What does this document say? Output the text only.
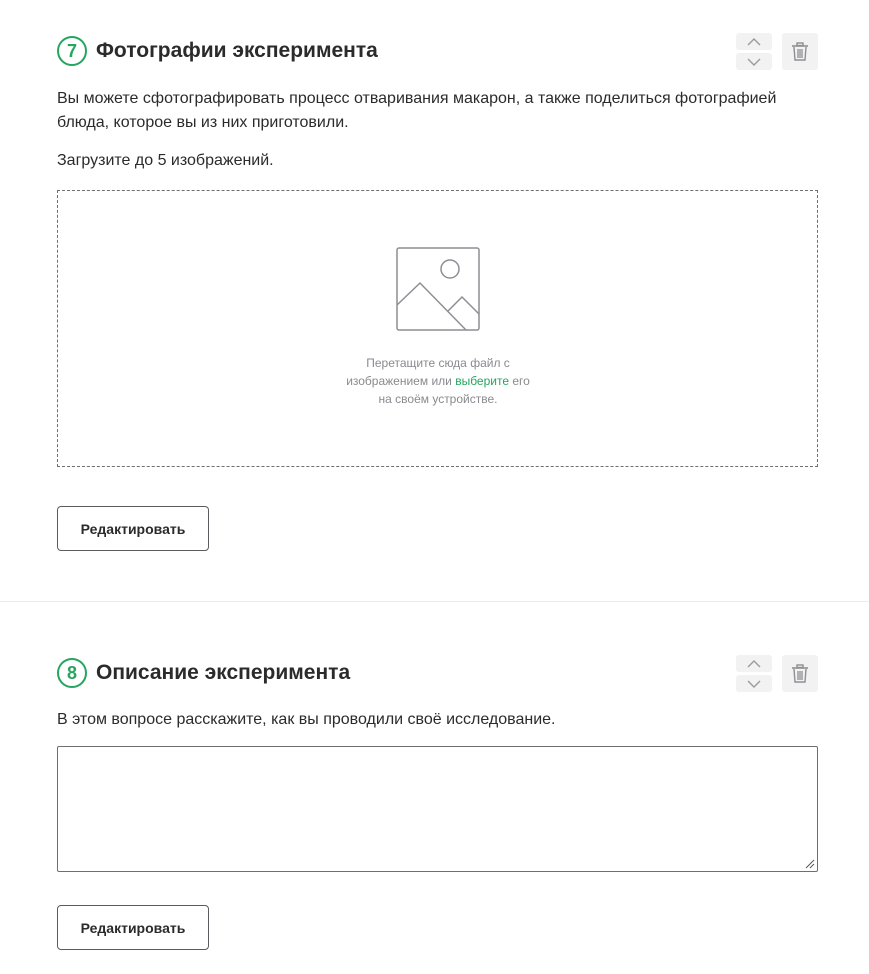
7 Фотографии эксперимента
Вы можете сфотографировать процесс отваривания макарон, а также поделиться фотографией блюда, которое вы из них приготовили.
Загрузите до 5 изображений.
Перетащите сюда файл с
изображением или выберите его
на своём устройстве.
Редактировать
8 Описание эксперимента
В этом вопросе расскажите, как вы проводили своё исследование.
Редактировать
